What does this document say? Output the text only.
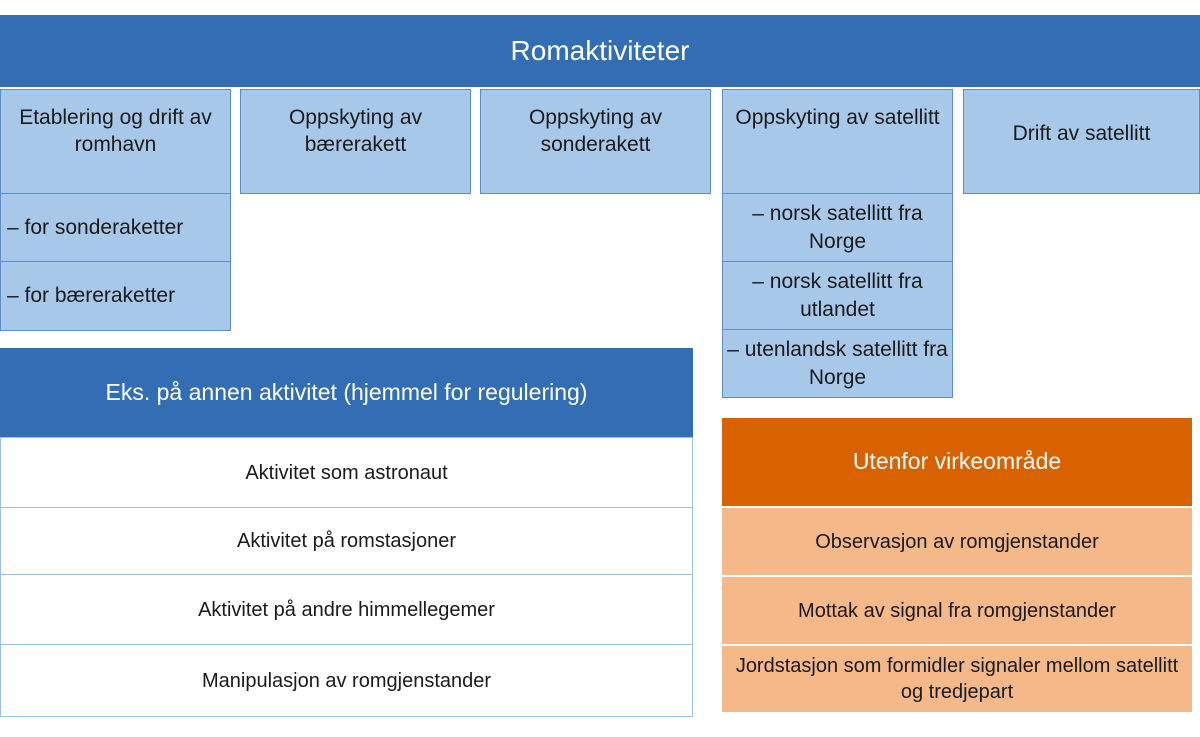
Romaktiviteter
Etablering og drift av romhavn
– for sonderaketter
– for bæreraketter
Oppskyting av bærerakett
Oppskyting av sonderakett
Oppskyting av satellitt
– norsk satellitt fra Norge
– norsk satellitt fra utlandet
– utenlandsk satellitt fra Norge
Drift av satellitt
Eks. på annen aktivitet (hjemmel for regulering)
Aktivitet som astronaut
Aktivitet på romstasjoner
Aktivitet på andre himmellegemer
Manipulasjon av romgjenstander
Utenfor virkeområde
Observasjon av romgjenstander
Mottak av signal fra romgjenstander
Jordstasjon som formidler signaler mellom satellitt og tredjepart
